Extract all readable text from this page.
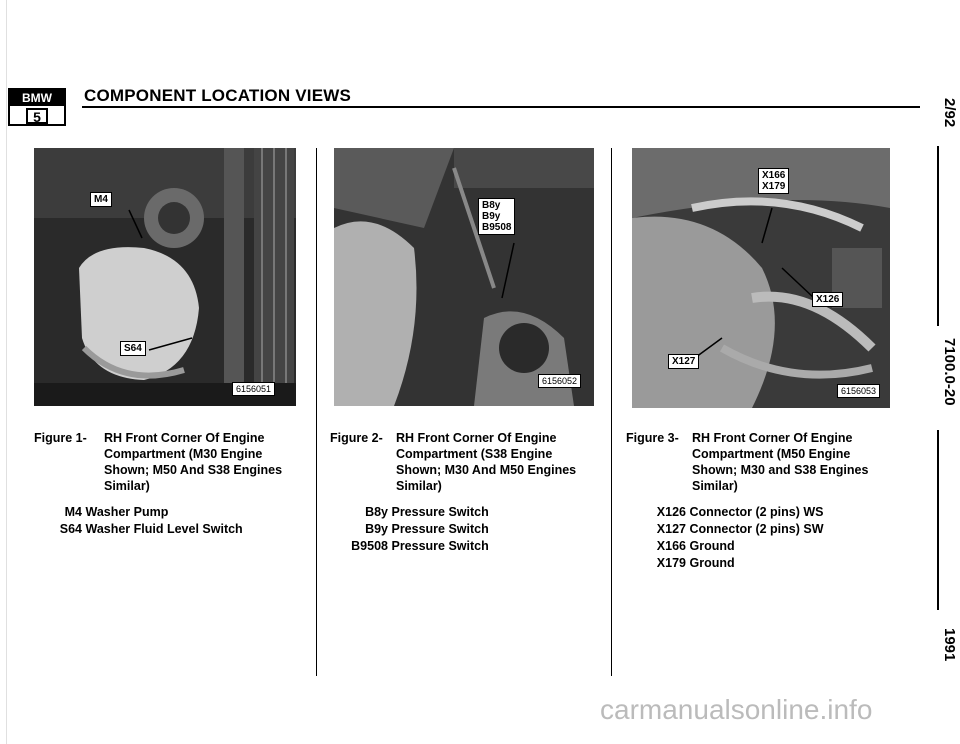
BMW
5
COMPONENT LOCATION VIEWS
2/92
7100.0-20
1991
M4
S64
6156051
B8y
B9y
B9508
6156052
X166
X179
X126
X127
6156053
Figure 1- RH Front Corner Of Engine
Compartment (M30 Engine
Shown; M50 And S38 Engines
Similar)
M4 Washer Pump
S64 Washer Fluid Level Switch
Figure 2- RH Front Corner Of Engine
Compartment (S38 Engine
Shown; M30 And M50 Engines
Similar)
B8y Pressure Switch
B9y Pressure Switch
B9508 Pressure Switch
Figure 3- RH Front Corner Of Engine
Compartment (M50 Engine
Shown; M30 and S38 Engines
Similar)
X126 Connector (2 pins) WS
X127 Connector (2 pins) SW
X166 Ground
X179 Ground
carmanualsonline.info
